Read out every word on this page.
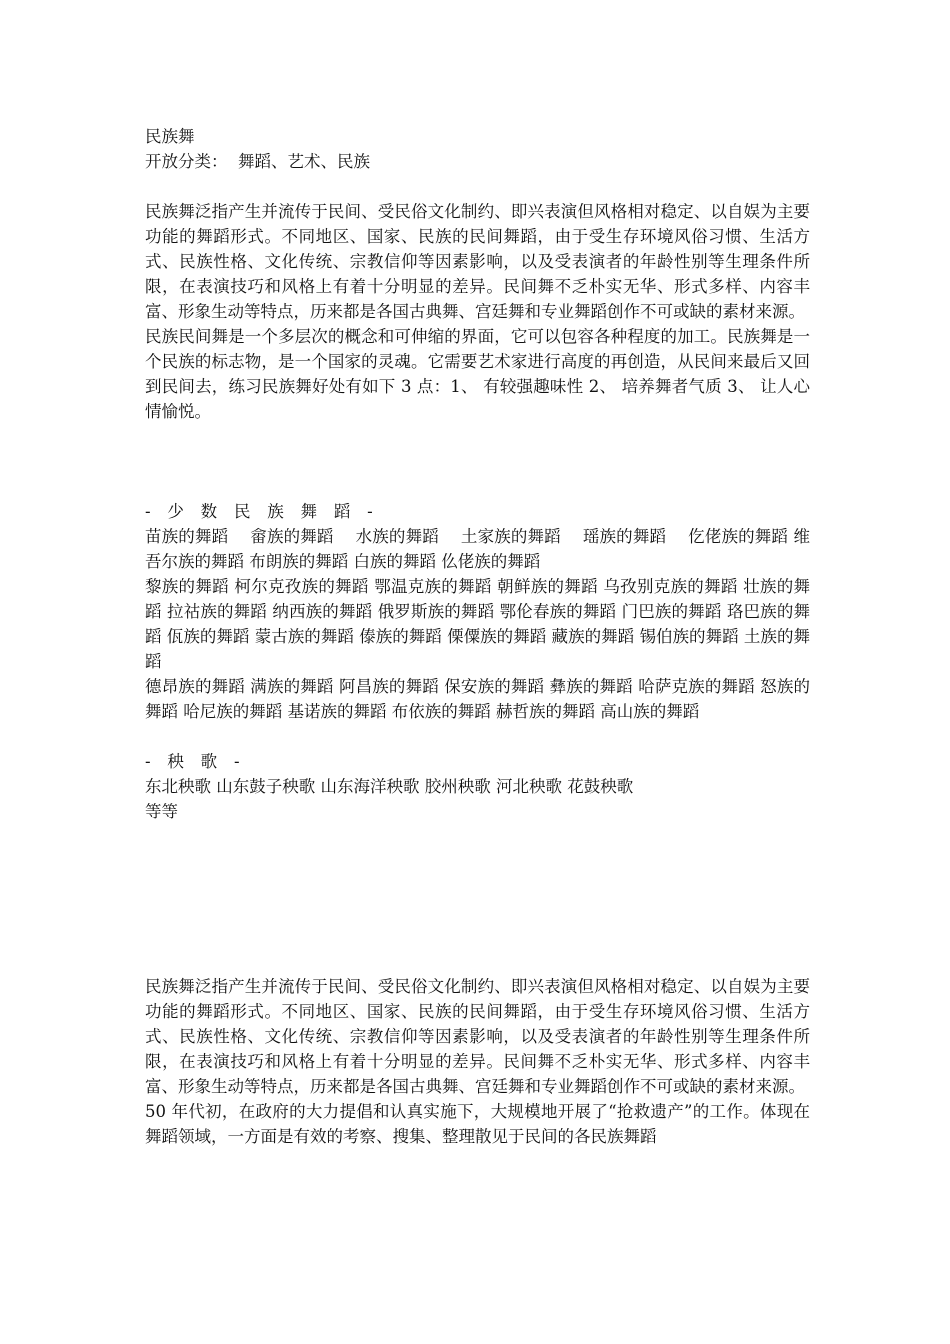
民族舞

开放分类： 舞蹈、艺术、民族

民族舞泛指产生并流传于民间、受民俗文化制约、即兴表演但风格相对稳定、以自娱为主要功能的舞蹈形式。不同地区、国家、民族的民间舞蹈，由于受生存环境风俗习惯、生活方式、民族性格、文化传统、宗教信仰等因素影响，以及受表演者的年龄性别等生理条件所限，在表演技巧和风格上有着十分明显的差异。民间舞不乏朴实无华、形式多样、内容丰富、形象生动等特点，历来都是各国古典舞、宫廷舞和专业舞蹈创作不可或缺的素材来源。

民族民间舞是一个多层次的概念和可伸缩的界面，它可以包容各种程度的加工。民族舞是一个民族的标志物，是一个国家的灵魂。它需要艺术家进行高度的再创造，从民间来最后又回到民间去，练习民族舞好处有如下 3 点：1、 有较强趣味性 2、 培养舞者气质 3、 让人心情愉悦。

- 少 数 民 族 舞 蹈 -

苗族的舞蹈　 畲族的舞蹈　 水族的舞蹈　 土家族的舞蹈　 瑶族的舞蹈　 仡佬族的舞蹈 维吾尔族的舞蹈 布朗族的舞蹈 白族的舞蹈 仫佬族的舞蹈

黎族的舞蹈 柯尔克孜族的舞蹈 鄂温克族的舞蹈 朝鲜族的舞蹈 乌孜别克族的舞蹈 壮族的舞蹈 拉祜族的舞蹈 纳西族的舞蹈 俄罗斯族的舞蹈 鄂伦春族的舞蹈 门巴族的舞蹈 珞巴族的舞蹈 佤族的舞蹈 蒙古族的舞蹈 傣族的舞蹈 傈僳族的舞蹈 藏族的舞蹈 锡伯族的舞蹈 土族的舞蹈

德昂族的舞蹈 满族的舞蹈 阿昌族的舞蹈 保安族的舞蹈 彝族的舞蹈 哈萨克族的舞蹈 怒族的舞蹈 哈尼族的舞蹈 基诺族的舞蹈 布依族的舞蹈 赫哲族的舞蹈 高山族的舞蹈

- 秧 歌 -

东北秧歌 山东鼓子秧歌 山东海洋秧歌 胶州秧歌 河北秧歌 花鼓秧歌

等等

民族舞泛指产生并流传于民间、受民俗文化制约、即兴表演但风格相对稳定、以自娱为主要功能的舞蹈形式。不同地区、国家、民族的民间舞蹈，由于受生存环境风俗习惯、生活方式、民族性格、文化传统、宗教信仰等因素影响，以及受表演者的年龄性别等生理条件所限，在表演技巧和风格上有着十分明显的差异。民间舞不乏朴实无华、形式多样、内容丰富、形象生动等特点，历来都是各国古典舞、宫廷舞和专业舞蹈创作不可或缺的素材来源。

50 年代初，在政府的大力提倡和认真实施下，大规模地开展了“抢救遗产”的工作。体现在舞蹈领域，一方面是有效的考察、搜集、整理散见于民间的各民族舞蹈
